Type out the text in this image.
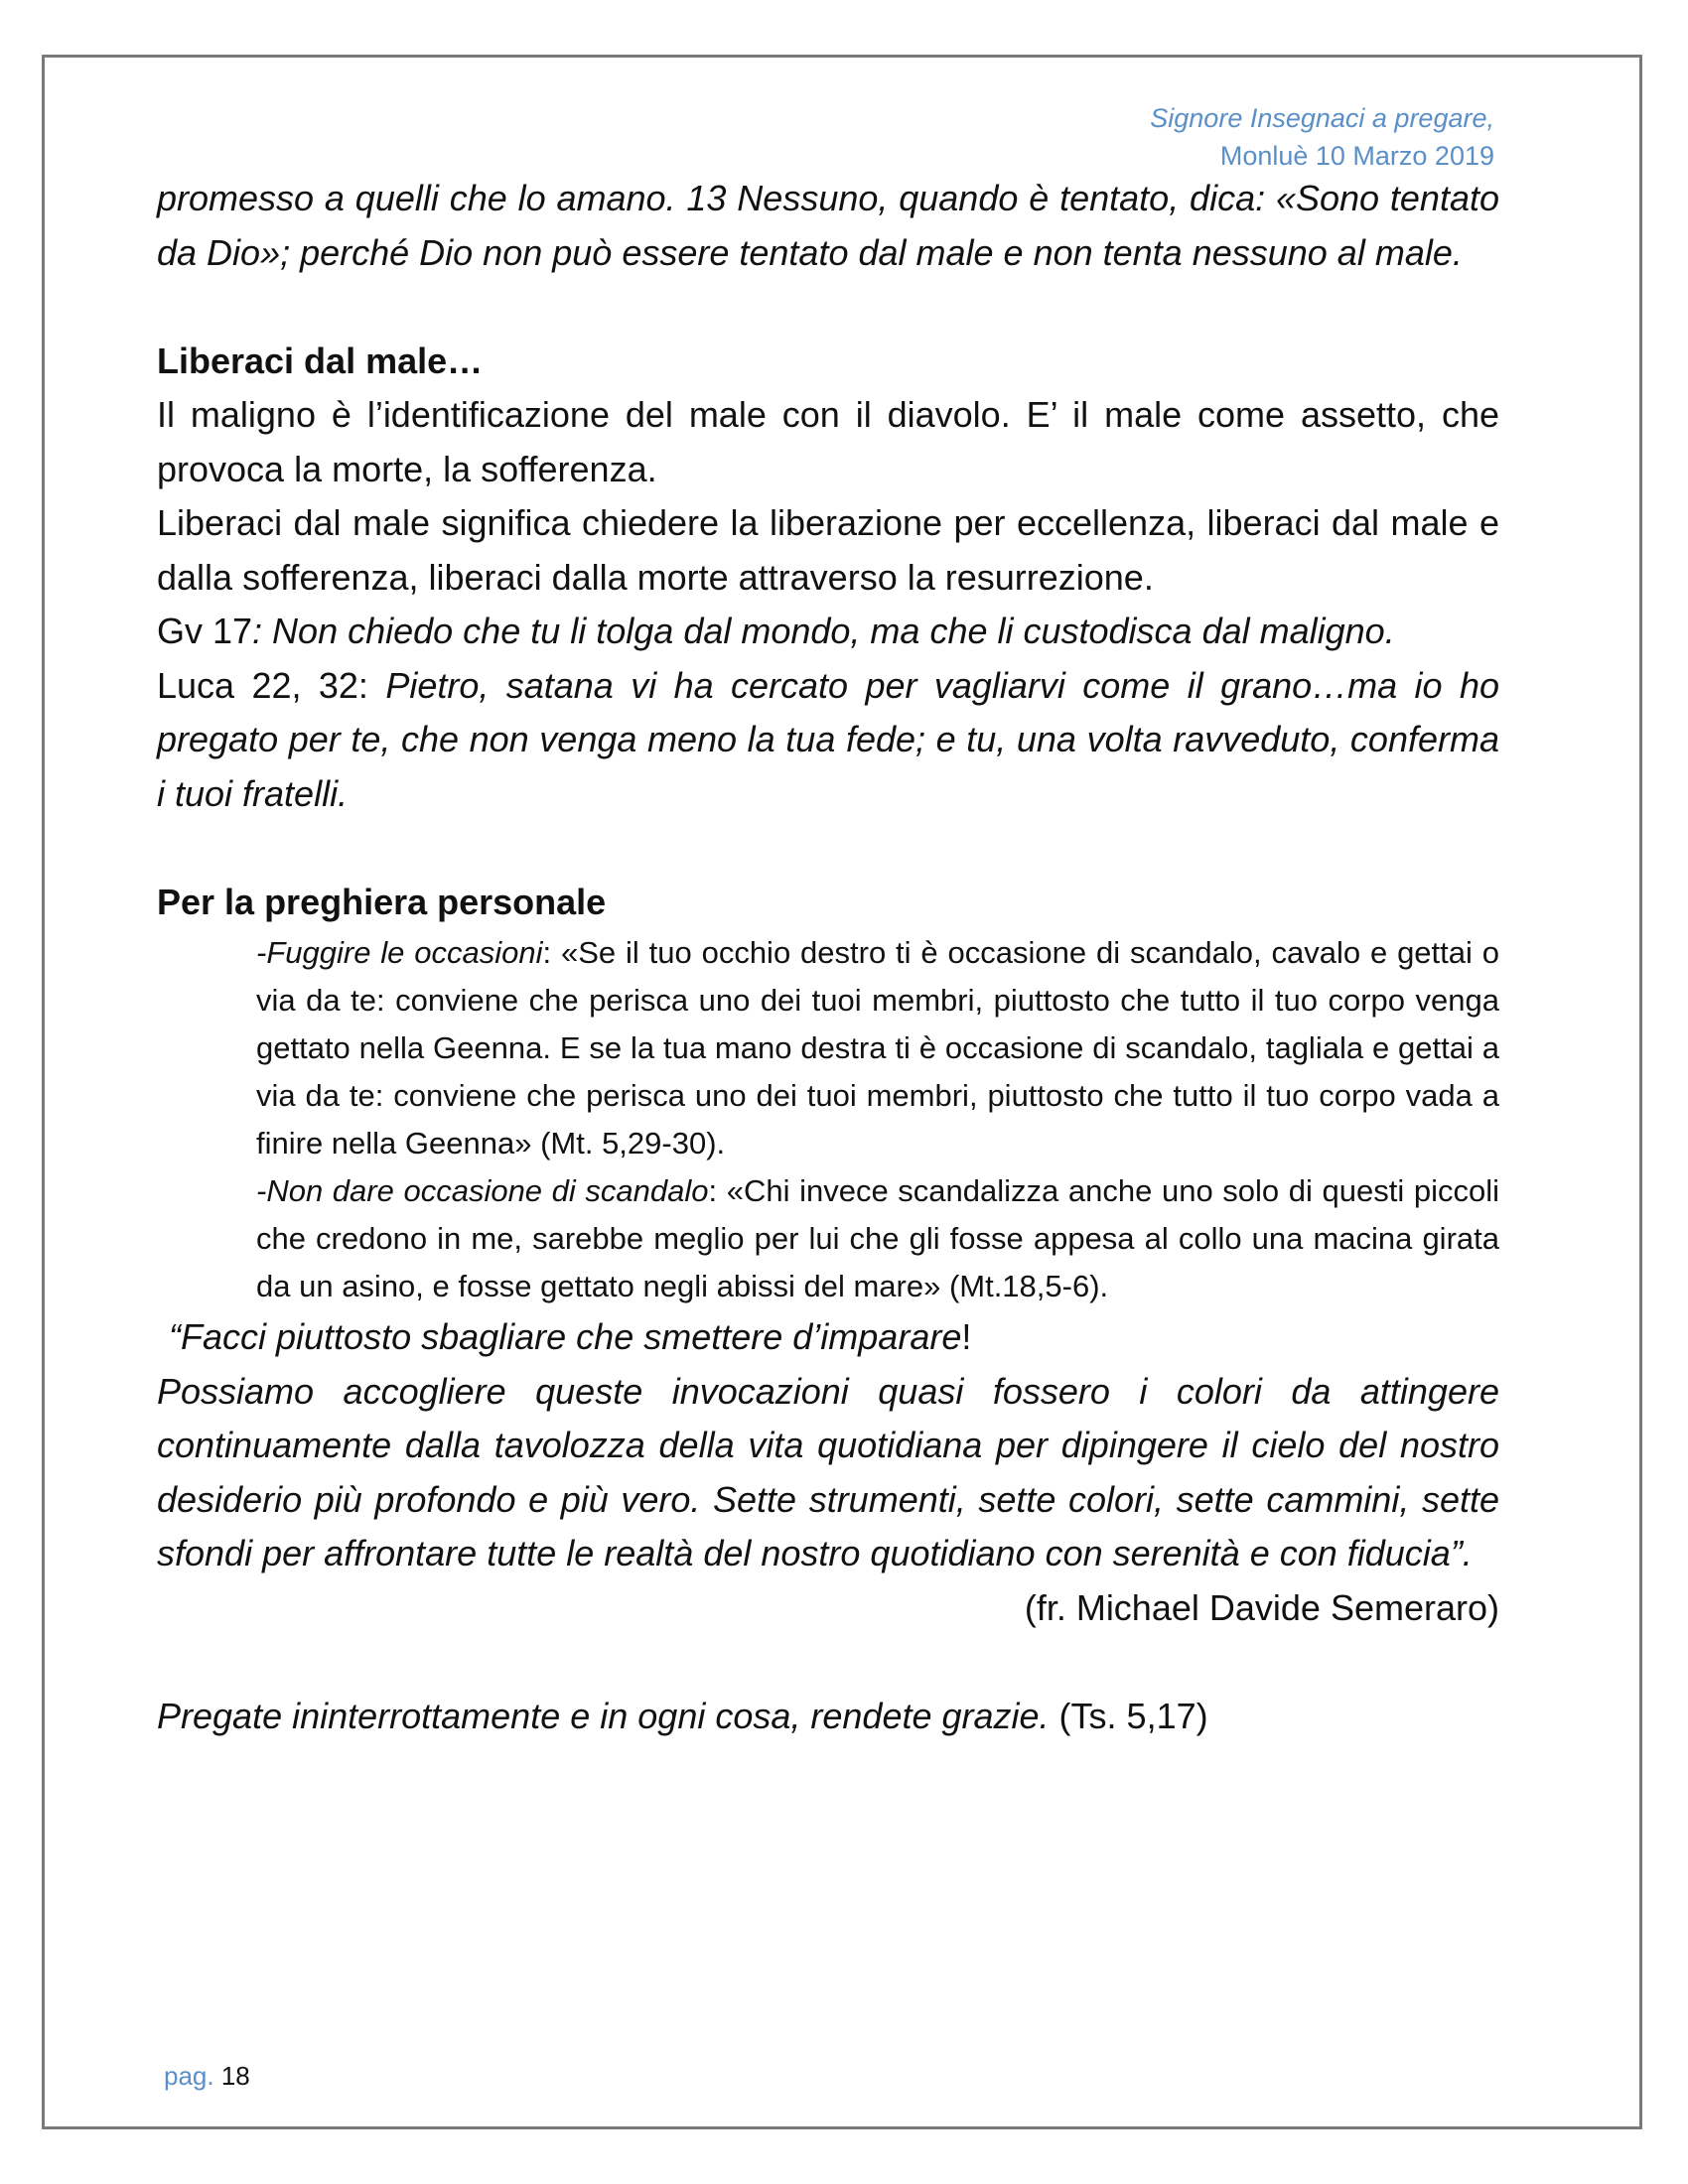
Signore Insegnaci a pregare,
Monluè 10 Marzo 2019

promesso a quelli che lo amano. 13 Nessuno, quando è tentato, dica: «Sono tentato da Dio»; perché Dio non può essere tentato dal male e non tenta nessuno al male.

Liberaci dal male…

Il maligno è l’identificazione del male con il diavolo. E’ il male come assetto, che provoca la morte, la sofferenza.

Liberaci dal male significa chiedere la liberazione per eccellenza, liberaci dal male e dalla sofferenza, liberaci dalla morte attraverso la resurrezione.

Gv 17: Non chiedo che tu li tolga dal mondo, ma che li custodisca dal maligno.

Luca 22, 32: Pietro, satana vi ha cercato per vagliarvi come il grano…ma io ho pregato per te, che non venga meno la tua fede; e tu, una volta ravveduto, conferma i tuoi fratelli.

Per la preghiera personale

-Fuggire le occasioni: «Se il tuo occhio destro ti è occasione di scandalo, cavalo e gettai o via da te: conviene che perisca uno dei tuoi membri, piuttosto che tutto il tuo corpo venga gettato nella Geenna. E se la tua mano destra ti è occasione di scandalo, tagliala e gettai a via da te: conviene che perisca uno dei tuoi membri, piuttosto che tutto il tuo corpo vada a finire nella Geenna» (Mt. 5,29-30).

-Non dare occasione di scandalo: «Chi invece scandalizza anche uno solo di questi piccoli che credono in me, sarebbe meglio per lui che gli fosse appesa al collo una macina girata da un asino, e fosse gettato negli abissi del mare» (Mt.18,5-6).

“Facci piuttosto sbagliare che smettere d’imparare!

Possiamo accogliere queste invocazioni quasi fossero i colori da attingere continuamente dalla tavolozza della vita quotidiana per dipingere il cielo del nostro desiderio più profondo e più vero. Sette strumenti, sette colori, sette cammini, sette sfondi per affrontare tutte le realtà del nostro quotidiano con serenità e con fiducia”.

(fr. Michael Davide Semeraro)

Pregate ininterrottamente e in ogni cosa, rendete grazie. (Ts. 5,17)

pag. 18
